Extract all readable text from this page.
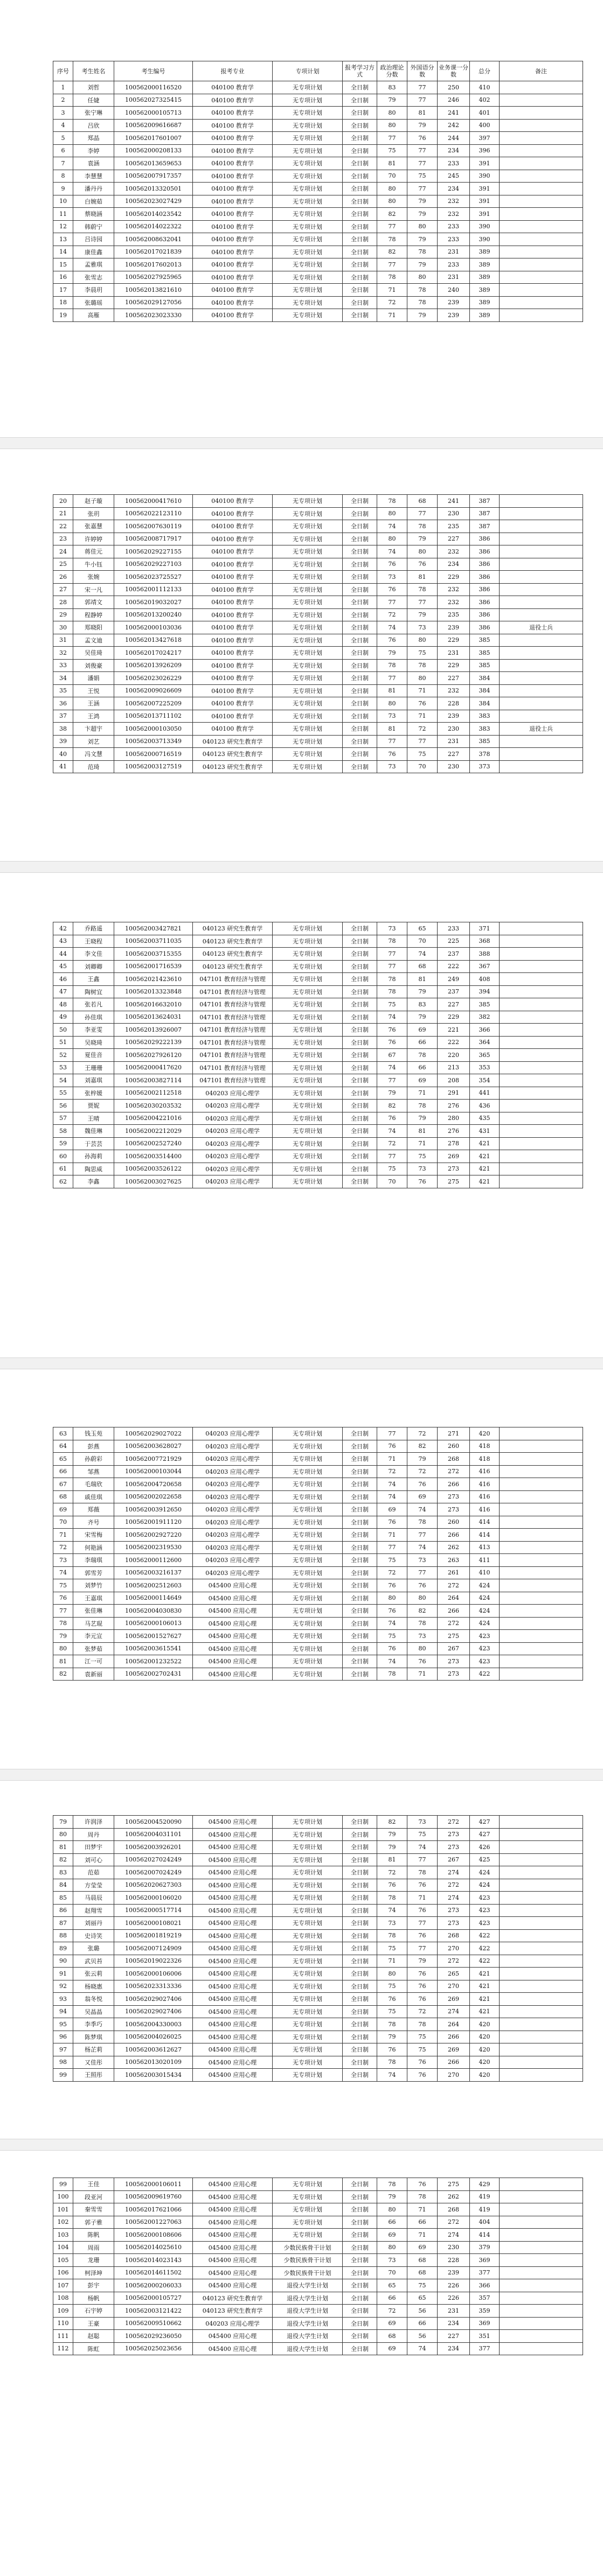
序号	考生姓名	考生编号	报考专业	专项计划	报考学习方式	政治理论分数	外国语分数	业务课一分数	总分	备注
1	刘哲	100562000116520	040100 教育学	无专项计划	全日制	83	77	250	410	
2	任婕	100562027325415	040100 教育学	无专项计划	全日制	79	77	246	402	
3	张宁琳	100562000105713	040100 教育学	无专项计划	全日制	80	81	241	401	
4	吕欣	100562009616687	040100 教育学	无专项计划	全日制	80	79	242	400	
5	郑晶	100562017601007	040100 教育学	无专项计划	全日制	77	76	244	397	
6	李婷	100562000208133	040100 教育学	无专项计划	全日制	75	77	234	396	
7	袁涵	100562013659653	040100 教育学	无专项计划	全日制	81	77	233	391	
8	李慧慧	100562007917357	040100 教育学	无专项计划	全日制	70	75	245	390	
9	潘丹丹	100562013320501	040100 教育学	无专项计划	全日制	80	77	234	391	
10	白婉茹	100562023027429	040100 教育学	无专项计划	全日制	80	79	232	391	
11	蔡晓涵	100562014023542	040100 教育学	无专项计划	全日制	82	79	232	391	
12	韩蔚宁	100562014022322	040100 教育学	无专项计划	全日制	77	80	233	390	
13	吕诗园	100562008632041	040100 教育学	无专项计划	全日制	78	79	233	390	
14	康佳鑫	100562017021839	040100 教育学	无专项计划	全日制	82	78	231	389	
15	孟雅琪	100562017602013	040100 教育学	无专项计划	全日制	77	79	233	389	
16	张雪志	100562027925965	040100 教育学	无专项计划	全日制	78	80	231	389	
17	李晨玥	100562013821610	040100 教育学	无专项计划	全日制	71	78	240	389	
18	张璐瑶	100562029127056	040100 教育学	无专项计划	全日制	72	78	239	389	
19	高雁	100562023023330	040100 教育学	无专项计划	全日制	71	79	239	389	
20	赵子璇	100562000417610	040100 教育学	无专项计划	全日制	78	68	241	387	
21	张玥	100562022123110	040100 教育学	无专项计划	全日制	80	77	230	387	
22	张嘉慧	100562007630119	040100 教育学	无专项计划	全日制	74	78	235	387	
23	许婷婷	100562008717917	040100 教育学	无专项计划	全日制	80	79	227	386	
24	蒋佳元	100562029227155	040100 教育学	无专项计划	全日制	74	80	232	386	
25	牛小钰	100562029227103	040100 教育学	无专项计划	全日制	76	76	234	386	
26	张婉	100562023725527	040100 教育学	无专项计划	全日制	73	81	229	386	
27	宋一凡	100562001112133	040100 教育学	无专项计划	全日制	76	78	232	386	
28	郭靖文	100562019032027	040100 教育学	无专项计划	全日制	77	77	232	386	
29	程静婷	100562013200240	040100 教育学	无专项计划	全日制	72	79	235	386	
30	郑晓阳	100562000103036	040100 教育学	无专项计划	全日制	74	73	239	386	退役士兵
31	孟文迪	100562013427618	040100 教育学	无专项计划	全日制	76	80	229	385	
32	吴佳琦	100562017024217	040100 教育学	无专项计划	全日制	79	75	231	385	
33	刘俊豪	100562013926209	040100 教育学	无专项计划	全日制	78	78	229	385	
34	潘娟	100562023026229	040100 教育学	无专项计划	全日制	77	80	227	384	
35	王悦	100562009026609	040100 教育学	无专项计划	全日制	81	71	232	384	
36	王涵	100562007225209	040100 教育学	无专项计划	全日制	80	76	228	384	
37	王鸿	100562013711102	040100 教育学	无专项计划	全日制	73	71	239	383	
38	卞超宇	100562000103050	040100 教育学	无专项计划	全日制	81	72	230	383	退役士兵
39	刘艺	100562003713349	040123 研究生教育学	无专项计划	全日制	77	77	231	385	
40	冯文慧	100562000716519	040123 研究生教育学	无专项计划	全日制	76	75	227	378	
41	范琦	100562003127519	040123 研究生教育学	无专项计划	全日制	73	70	230	373	
42	乔路遥	100562003427821	040123 研究生教育学	无专项计划	全日制	73	65	233	371	
43	王晓程	100562003711035	040123 研究生教育学	无专项计划	全日制	78	70	225	368	
44	李文佳	100562003715355	040123 研究生教育学	无专项计划	全日制	77	74	237	388	
45	刘卿卿	100562001716539	040123 研究生教育学	无专项计划	全日制	77	68	222	367	
46	王鑫	100562021423610	047101 教育经济与管理	无专项计划	全日制	78	81	249	408	
47	陶树宜	100562013323848	047101 教育经济与管理	无专项计划	全日制	78	79	237	394	
48	张若凡	100562016632010	047101 教育经济与管理	无专项计划	全日制	75	83	227	385	
49	孙佳琪	100562013624031	047101 教育经济与管理	无专项计划	全日制	74	79	229	382	
50	李亚雯	100562013926007	047101 教育经济与管理	无专项计划	全日制	76	69	221	366	
51	吴晓琦	100562029222139	047101 教育经济与管理	无专项计划	全日制	76	66	222	364	
52	夏佳音	100562027926120	047101 教育经济与管理	无专项计划	全日制	67	78	220	365	
53	王珊珊	100562000417620	047101 教育经济与管理	无专项计划	全日制	74	66	213	353	
54	刘嘉琪	100562003827114	047101 教育经济与管理	无专项计划	全日制	77	69	208	354	
55	张梓媛	100562002112518	040203 应用心理学	无专项计划	全日制	79	71	291	441	
56	贾妮	100562030203532	040203 应用心理学	无专项计划	全日制	82	78	276	436	
57	王晴	100562004221016	040203 应用心理学	无专项计划	全日制	76	79	280	435	
58	魏佳琳	100562002212029	040203 应用心理学	无专项计划	全日制	74	81	276	431	
59	于芸芸	100562002527240	040203 应用心理学	无专项计划	全日制	72	71	278	421	
60	孙海莉	100562003514400	040203 应用心理学	无专项计划	全日制	77	75	269	421	
61	陶思威	100562003526122	040203 应用心理学	无专项计划	全日制	75	73	273	421	
62	李鑫	100562003027625	040203 应用心理学	无专项计划	全日制	70	76	275	421	
63	钱玉苑	100562029027022	040203 应用心理学	无专项计划	全日制	77	72	271	420	
64	彭燕	100562003628027	040203 应用心理学	无专项计划	全日制	76	82	260	418	
65	孙蔚彩	100562007721929	040203 应用心理学	无专项计划	全日制	71	79	268	418	
66	邹燕	100562000103044	040203 应用心理学	无专项计划	全日制	72	72	272	416	
67	毛瑞欣	100562004720658	040203 应用心理学	无专项计划	全日制	74	76	266	416	
68	戚佳琪	100562002022658	040203 应用心理学	无专项计划	全日制	74	69	273	416	
69	郑薇	100562003912650	040203 应用心理学	无专项计划	全日制	69	74	273	416	
70	齐号	100562001911120	040203 应用心理学	无专项计划	全日制	76	78	260	414	
71	宋雪梅	100562002927220	040203 应用心理学	无专项计划	全日制	71	77	266	414	
72	何艳涵	100562002319530	040203 应用心理学	无专项计划	全日制	77	74	262	413	
73	李瑞琪	100562000112600	040203 应用心理学	无专项计划	全日制	75	73	263	411	
74	郭雪芳	100562003216137	040203 应用心理学	无专项计划	全日制	72	77	261	410	
75	刘梦竹	100562002512603	045400 应用心理	无专项计划	全日制	76	76	272	424	
76	王嘉琪	100562000114649	045400 应用心理	无专项计划	全日制	80	80	264	424	
77	张佳琳	100562004030830	045400 应用心理	无专项计划	全日制	76	82	266	424	
78	马艺琨	100562000106013	045400 应用心理	无专项计划	全日制	74	78	272	424	
79	李元宣	100562001527627	045400 应用心理	无专项计划	全日制	75	73	275	423	
80	张梦茹	100562003615541	045400 应用心理	无专项计划	全日制	76	80	267	423	
81	江一可	100562001232522	045400 应用心理	无专项计划	全日制	74	76	273	423	
82	袁新丽	100562002702431	045400 应用心理	无专项计划	全日制	78	71	273	422	
79	许润泽	100562004520090	045400 应用心理	无专项计划	全日制	82	73	272	427	
80	周丹	100562004031101	045400 应用心理	无专项计划	全日制	79	75	273	427	
81	田梦宇	100562003926201	045400 应用心理	无专项计划	全日制	79	74	273	426	
82	刘可心	100562027024249	045400 应用心理	无专项计划	全日制	81	77	267	425	
83	范茹	100562007024249	045400 应用心理	无专项计划	全日制	72	78	274	424	
84	方莹莹	100562020627303	045400 应用心理	无专项计划	全日制	76	76	272	424	
85	马晨辰	100562000106020	045400 应用心理	无专项计划	全日制	78	71	274	423	
86	赵翔雪	100562000517714	045400 应用心理	无专项计划	全日制	74	76	273	423	
87	刘丽丹	100562000108021	045400 应用心理	无专项计划	全日制	73	77	273	423	
88	史诗笑	100562001819219	045400 应用心理	无专项计划	全日制	78	76	268	422	
89	张璐	100562007124909	045400 应用心理	无专项计划	全日制	75	77	270	422	
90	武贝苔	100562019022326	045400 应用心理	无专项计划	全日制	71	79	272	422	
91	张云莉	100562000106006	045400 应用心理	无专项计划	全日制	80	76	265	421	
92	杨晓惠	100562023313336	045400 应用心理	无专项计划	全日制	75	76	270	421	
93	翁冬悦	100562029027406	045400 应用心理	无专项计划	全日制	76	76	269	421	
94	吴晶晶	100562029027406	045400 应用心理	无专项计划	全日制	75	72	274	421	
95	李季巧	100562004330003	045400 应用心理	无专项计划	全日制	78	78	264	420	
96	陈梦琪	100562004026025	045400 应用心理	无专项计划	全日制	79	75	266	420	
97	杨芷莉	100562003612627	045400 应用心理	无专项计划	全日制	76	75	269	420	
98	又佳彤	100562013020109	045400 应用心理	无专项计划	全日制	78	76	266	420	
99	王照彤	100562003015434	045400 应用心理	无专项计划	全日制	74	76	270	420	
99	王佳	100562000106011	045400 应用心理	无专项计划	全日制	78	76	275	429	
100	段亚河	100562009619760	045400 应用心理	无专项计划	全日制	79	78	262	419	
101	秦雪雪	100562017621066	045400 应用心理	无专项计划	全日制	80	71	268	419	
102	郭子雅	100562001227063	045400 应用心理	无专项计划	全日制	66	66	272	404	
103	陈帆	100562000108606	045400 应用心理	无专项计划	全日制	69	71	274	414	
104	周雨	100562014025610	045400 应用心理	少数民族骨干计划	全日制	80	69	230	379	
105	龙珊	100562014023143	045400 应用心理	少数民族骨干计划	全日制	73	68	228	369	
106	柯泽坤	100562014611502	045400 应用心理	少数民族骨干计划	全日制	70	68	239	377	
107	彭宇	100562000206033	045400 应用心理	退役大学生计划	全日制	65	75	226	366	
108	杨帆	100562000105727	040123 研究生教育学	退役大学生计划	全日制	66	65	226	357	
109	石宇婷	100562003121422	040123 研究生教育学	退役大学生计划	全日制	72	56	231	359	
110	王豪	100562009510662	040203 应用心理学	退役大学生计划	全日制	69	66	234	369	
111	赵聪	100562029236050	045400 应用心理	退役大学生计划	全日制	68	56	227	351	
112	陈虹	100562025023656	045400 应用心理	退役大学生计划	全日制	69	74	234	377	
